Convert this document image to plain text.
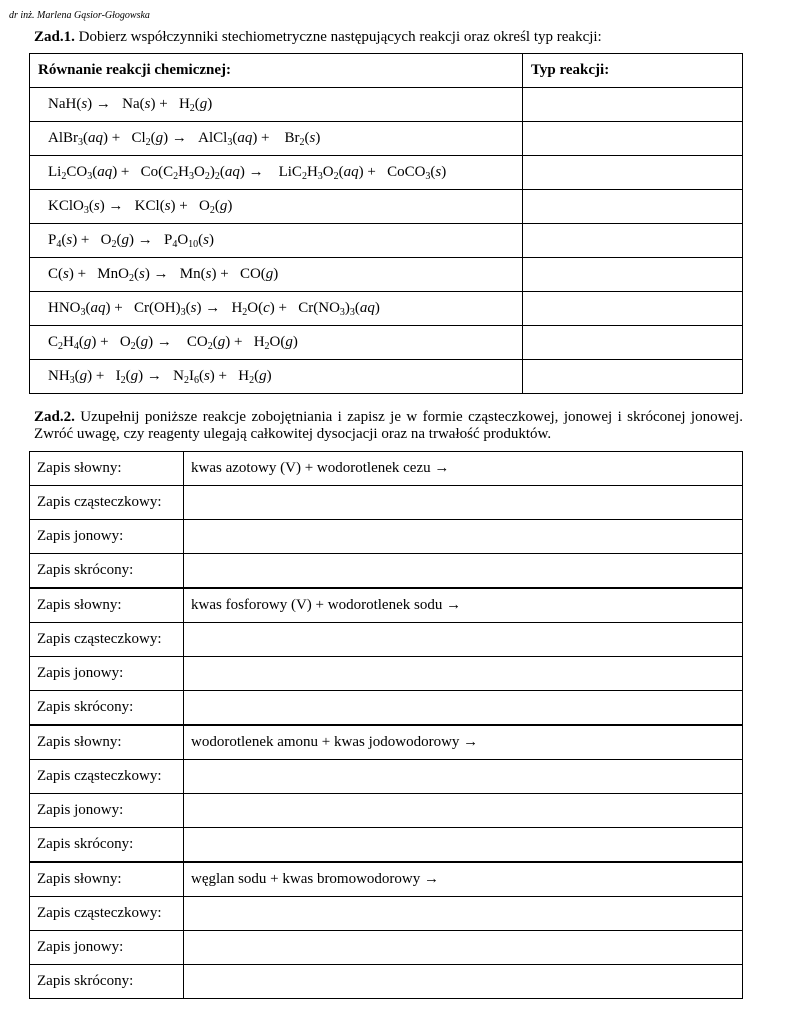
dr inż. Marlena Gąsior-Głogowska
Zad.1. Dobierz współczynniki stechiometryczne następujących reakcji oraz określ typ reakcji:
Równanie reakcji chemicznej:	Typ reakcji:
$NaH(s) \to Na(s) + H_2(g)$	
AlBr$_3$(aq) +   $Cl_2(g)$ →   AlCl$_3$(aq) +    $Br_2(s)$	
$Li_2CO_3(aq) + Co(C_2H_3O_2)_2(aq)$ →    $LiC_2H_3O_2(aq)$ +   CoCO$_3$(s)	
KClO$_3$(s) →   $KCl(s) + O_2(g)$	
$P_4(s) + O_2(g) \to P_4O_{10}(s)$	
C(s) +   MnO$_2$(s) →   Mn(s) +   CO(g)	
$HNO_3(aq) + Cr(OH)_3(s) \to H_2O(c) + Cr(NO_3)_3(aq)$	
$C_2H_4(g) + O_2(g)$ →    $CO_2(g) + H_2O(g)$	
$NH_3(g) + I_2(g) \to N_2I_6(s) + H_2(g)$	
Zad.2. Uzupełnij poniższe reakcje zobojętniania i zapisz je w formie cząsteczkowej, jonowej i skróconej jonowej. Zwróć uwagę, czy reagenty ulegają całkowitej dysocjacji oraz na trwałość produktów.
Zapis słowny:	kwas azotowy (V) + wodorotlenek cezu →
Zapis cząsteczkowy:	
Zapis jonowy:	
Zapis skrócony:	
Zapis słowny:	kwas fosforowy (V) + wodorotlenek sodu →
Zapis cząsteczkowy:	
Zapis jonowy:	
Zapis skrócony:	
Zapis słowny:	wodorotlenek amonu + kwas jodowodorowy →
Zapis cząsteczkowy:	
Zapis jonowy:	
Zapis skrócony:	
Zapis słowny:	węglan sodu + kwas bromowodorowy →
Zapis cząsteczkowy:	
Zapis jonowy:	
Zapis skrócony:	
